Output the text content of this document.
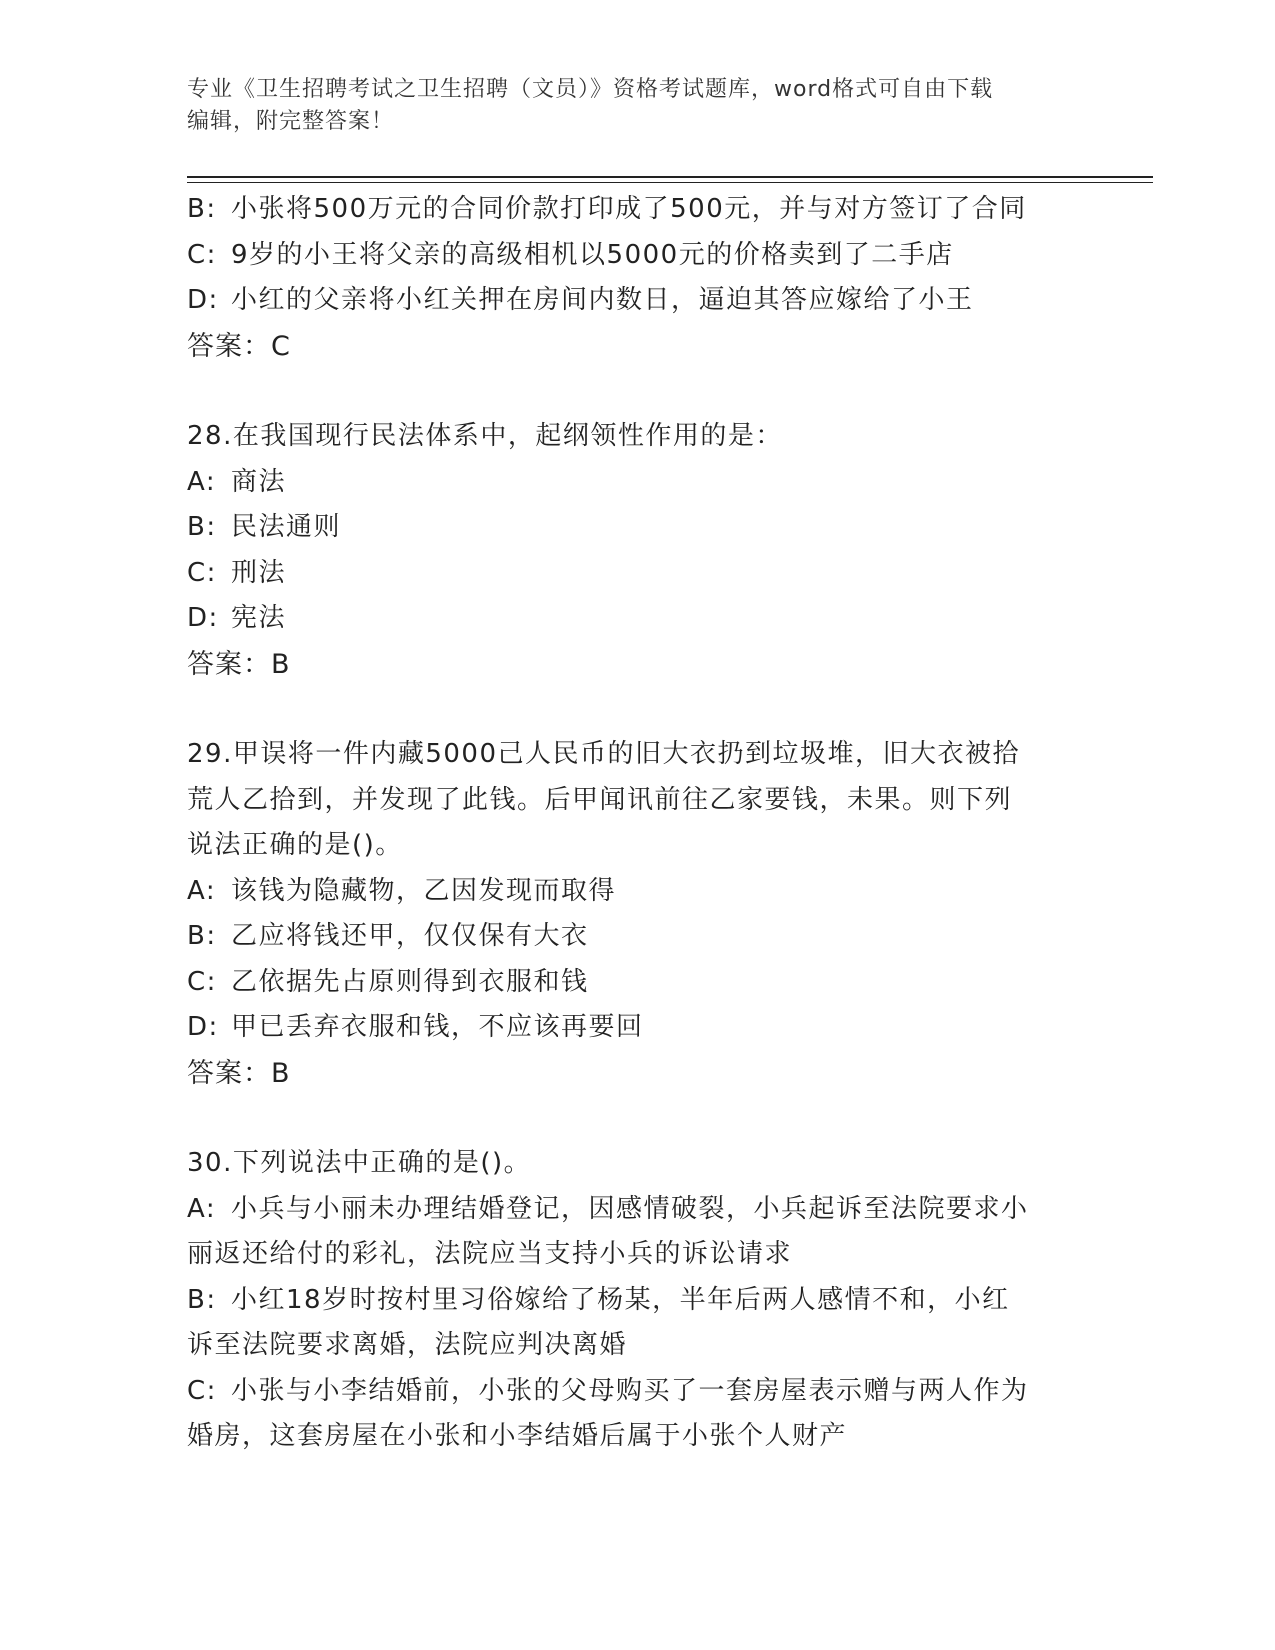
专业《卫生招聘考试之卫生招聘（文员）》资格考试题库，word格式可自由下载
编辑，附完整答案！
B: 小张将500万元的合同价款打印成了500元，并与对方签订了合同
C: 9岁的小王将父亲的高级相机以5000元的价格卖到了二手店
D: 小红的父亲将小红关押在房间内数日，逼迫其答应嫁给了小王
答案：C
28.在我国现行民法体系中，起纲领性作用的是：
A: 商法
B: 民法通则
C: 刑法
D: 宪法
答案：B
29.甲误将一件内藏5000己人民币的旧大衣扔到垃圾堆，旧大衣被拾
荒人乙拾到，并发现了此钱。后甲闻讯前往乙家要钱，未果。则下列
说法正确的是()。
A: 该钱为隐藏物，乙因发现而取得
B: 乙应将钱还甲，仅仅保有大衣
C: 乙依据先占原则得到衣服和钱
D: 甲已丢弃衣服和钱，不应该再要回
答案：B
30.下列说法中正确的是()。
A: 小兵与小丽未办理结婚登记，因感情破裂，小兵起诉至法院要求小
丽返还给付的彩礼，法院应当支持小兵的诉讼请求
B: 小红18岁时按村里习俗嫁给了杨某，半年后两人感情不和，小红
诉至法院要求离婚，法院应判决离婚
C: 小张与小李结婚前，小张的父母购买了一套房屋表示赠与两人作为
婚房，这套房屋在小张和小李结婚后属于小张个人财产
